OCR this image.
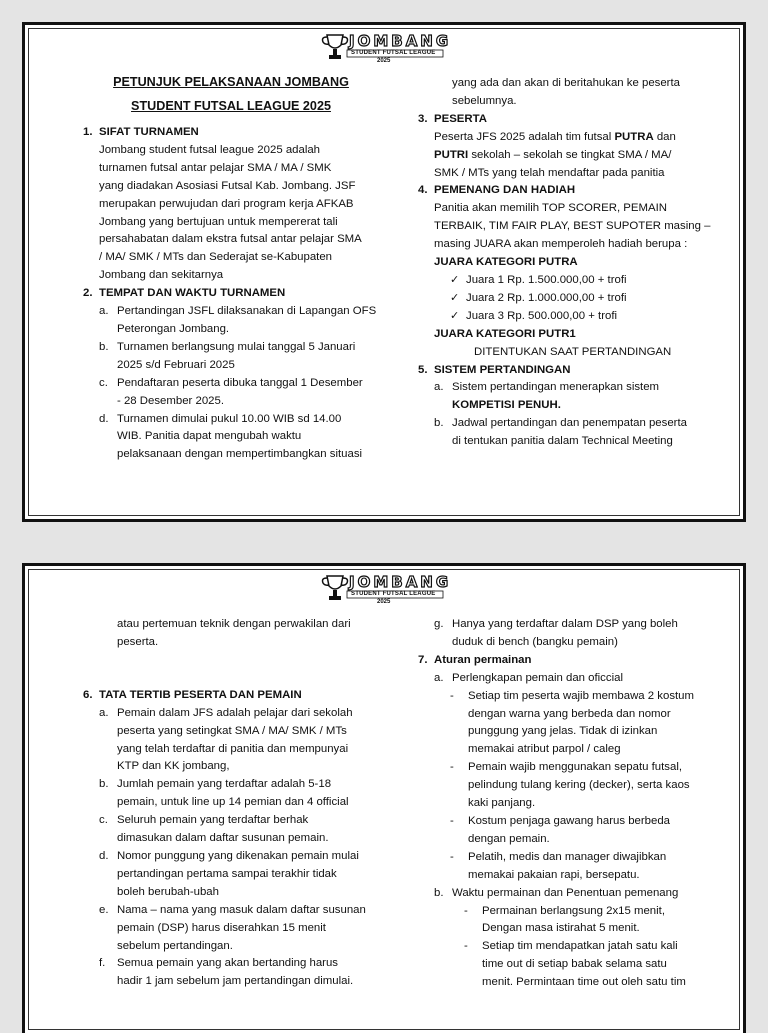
JOMBANG
STUDENT FUTSAL LEAGUE
2025
PETUNJUK PELAKSANAAN JOMBANG
STUDENT FUTSAL LEAGUE 2025
1. SIFAT TURNAMEN
Jombang student futsal league 2025 adalah
turnamen futsal antar pelajar SMA / MA / SMK
yang diadakan Asosiasi Futsal Kab. Jombang. JSF
merupakan perwujudan dari program kerja AFKAB
Jombang yang bertujuan untuk mempererat tali
persahabatan dalam ekstra futsal antar pelajar SMA
/ MA/ SMK / MTs dan Sederajat se-Kabupaten
Jombang dan sekitarnya
2. TEMPAT DAN WAKTU TURNAMEN
a. Pertandingan JSFL dilaksanakan di Lapangan OFS
Peterongan Jombang.
b. Turnamen berlangsung mulai tanggal 5 Januari
2025 s/d Februari 2025
c. Pendaftaran peserta dibuka tanggal 1 Desember
- 28 Desember 2025.
d. Turnamen dimulai pukul 10.00 WIB sd 14.00
WIB. Panitia dapat mengubah waktu
pelaksanaan dengan mempertimbangkan situasi
yang ada dan akan di beritahukan ke peserta
sebelumnya.
3. PESERTA
Peserta JFS 2025 adalah tim futsal PUTRA dan
PUTRI sekolah – sekolah se tingkat SMA / MA/
SMK / MTs yang telah mendaftar pada panitia
4. PEMENANG DAN HADIAH
Panitia akan memilih TOP SCORER, PEMAIN
TERBAIK, TIM FAIR PLAY, BEST SUPOTER masing –
masing JUARA akan memperoleh hadiah berupa :
JUARA KATEGORI PUTRA
✓ Juara 1 Rp. 1.500.000,00 + trofi
✓ Juara 2 Rp. 1.000.000,00 + trofi
✓ Juara 3 Rp. 500.000,00 + trofi
JUARA KATEGORI PUTR1
DITENTUKAN SAAT PERTANDINGAN
5. SISTEM PERTANDINGAN
a. Sistem pertandingan menerapkan sistem
KOMPETISI PENUH.
b. Jadwal pertandingan dan penempatan peserta
di tentukan panitia dalam Technical Meeting
JOMBANG
STUDENT FUTSAL LEAGUE
2025
atau pertemuan teknik dengan perwakilan dari
peserta.
6. TATA TERTIB PESERTA DAN PEMAIN
a. Pemain dalam JFS adalah pelajar dari sekolah
peserta yang setingkat SMA / MA/ SMK / MTs
yang telah terdaftar di panitia dan mempunyai
KTP dan KK jombang,
b. Jumlah pemain yang terdaftar adalah 5-18
pemain, untuk line up 14 pemian dan 4 official
c. Seluruh pemain yang terdaftar berhak
dimasukan dalam daftar susunan pemain.
d. Nomor punggung yang dikenakan pemain mulai
pertandingan pertama sampai terakhir tidak
boleh berubah-ubah
e. Nama – nama yang masuk dalam daftar susunan
pemain (DSP) harus diserahkan 15 menit
sebelum pertandingan.
f. Semua pemain yang akan bertanding harus
hadir 1 jam sebelum jam pertandingan dimulai.
g. Hanya yang terdaftar dalam DSP yang boleh
duduk di bench (bangku pemain)
7. Aturan permainan
a. Perlengkapan pemain dan oficcial
- Setiap tim peserta wajib membawa 2 kostum
dengan warna yang berbeda dan nomor
punggung yang jelas. Tidak di izinkan
memakai atribut parpol / caleg
- Pemain wajib menggunakan sepatu futsal,
pelindung tulang kering (decker), serta kaos
kaki panjang.
- Kostum penjaga gawang harus berbeda
dengan pemain.
- Pelatih, medis dan manager diwajibkan
memakai pakaian rapi, bersepatu.
b. Waktu permainan dan Penentuan pemenang
- Permainan berlangsung 2x15 menit,
Dengan masa istirahat 5 menit.
- Setiap tim mendapatkan jatah satu kali
time out di setiap babak selama satu
menit. Permintaan time out oleh satu tim
